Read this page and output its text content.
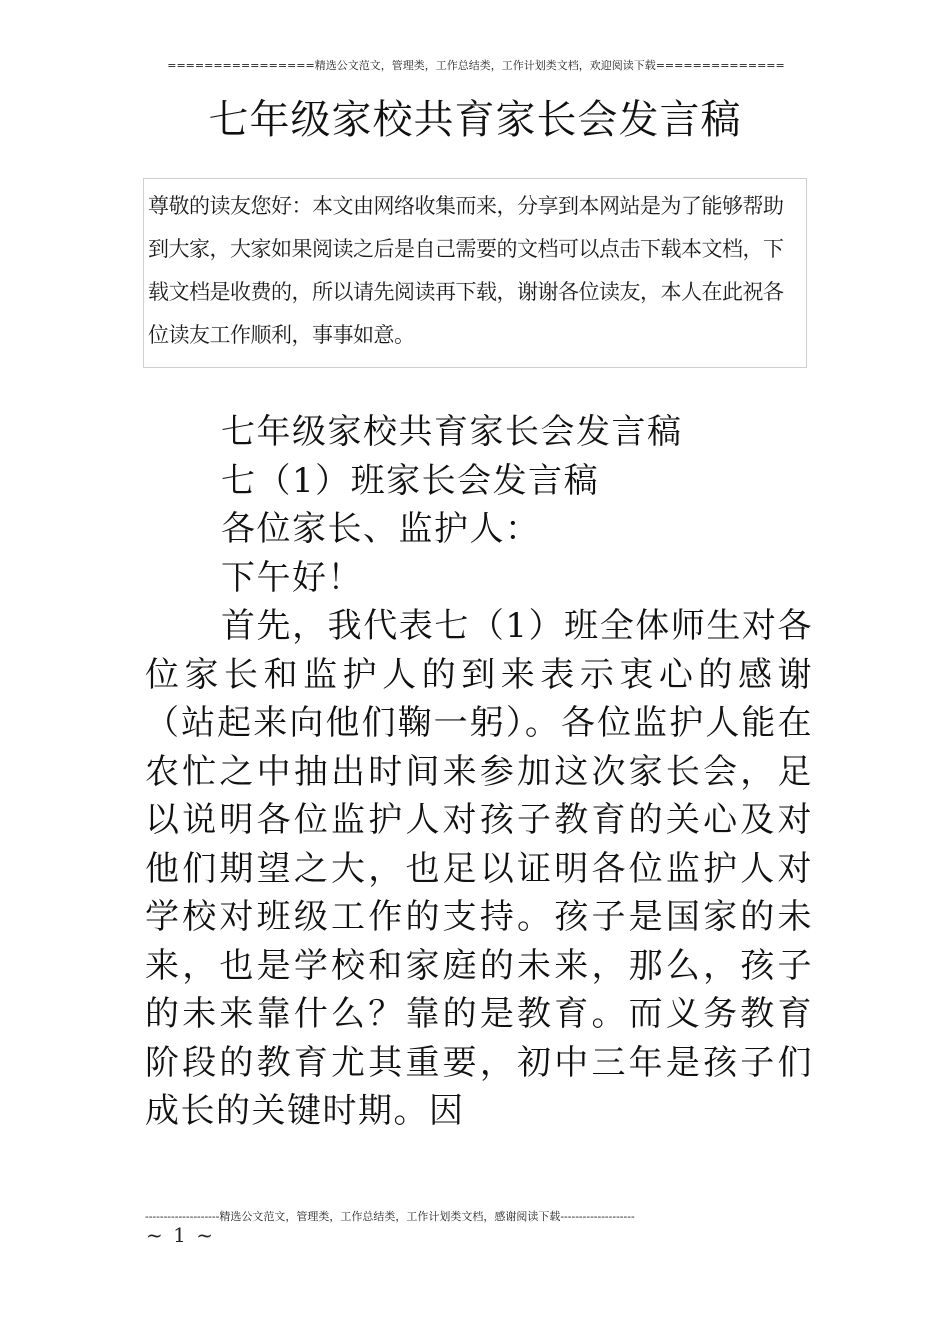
================精选公文范文，管理类，工作总结类，工作计划类文档，欢迎阅读下载==============
七年级家校共育家长会发言稿
尊敬的读友您好：本文由网络收集而来，分享到本网站是为了能够帮助到大家，大家如果阅读之后是自己需要的文档可以点击下载本文档，下载文档是收费的，所以请先阅读再下载，谢谢各位读友，本人在此祝各位读友工作顺利，事事如意。

七年级家校共育家长会发言稿

七（1）班家长会发言稿

各位家长、监护人：

下午好！

首先，我代表七（1）班全体师生对各位家长和监护人的到来表示衷心的感谢（站起来向他们鞠一躬）。各位监护人能在农忙之中抽出时间来参加这次家长会，足以说明各位监护人对孩子教育的关心及对他们期望之大，也足以证明各位监护人对学校对班级工作的支持。孩子是国家的未来，也是学校和家庭的未来，那么，孩子的未来靠什么？靠的是教育。而义务教育阶段的教育尤其重要，初中三年是孩子们成长的关键时期。因

--------------------精选公文范文，管理类，工作总结类，工作计划类文档，感谢阅读下载--------------------
~ 1 ~
